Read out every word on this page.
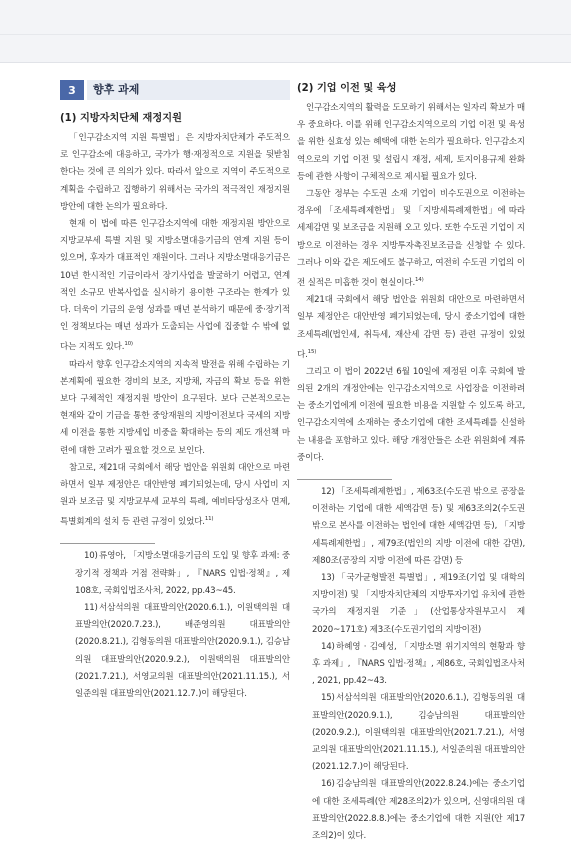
3	향후 과제
(1) 지방자치단체 재정지원

「인구감소지역 지원 특별법」은 지방자치단체가 주도적으로 인구감소에 대응하고, 국가가 행·재정적으로 지원을 뒷받침한다는 것에 큰 의의가 있다. 따라서 앞으로 지역이 주도적으로 계획을 수립하고 집행하기 위해서는 국가의 적극적인 재정지원 방안에 대한 논의가 필요하다.

현재 이 법에 따른 인구감소지역에 대한 재정지원 방안으로 지방교부세 특별 지원 및 지방소멸대응기금의 연계 지원 등이 있으며, 후자가 대표적인 재원이다. 그러나 지방소멸대응기금은 10년 한시적인 기금이라서 장기사업을 발굴하기 어렵고, 연계적인 소규모 반복사업을 실시하기 용이한 구조라는 한계가 있다. 더욱이 기금의 운영 성과를 매년 분석하기 때문에 중·장기적인 정책보다는 매년 성과가 도출되는 사업에 집중할 수 밖에 없다는 지적도 있다.$^{10)}$

따라서 향후 인구감소지역의 지속적 발전을 위해 수립하는 기본계획에 필요한 경비의 보조, 지방채, 자금의 확보 등을 위한 보다 구체적인 재정지원 방안이 요구된다. 보다 근본적으로는 현재와 같이 기금을 통한 중앙재원의 지방이전보다 국세의 지방세 이전을 통한 지방세입 비중을 확대하는 등의 제도 개선책 마련에 대한 고려가 필요할 것으로 보인다.

참고로, 제21대 국회에서 해당 법안을 위원회 대안으로 마련하면서 일부 제정안은 대안반영 폐기되었는데, 당시 사업비 지원과 보조금 및 지방교부세 교부의 특례, 예비타당성조사 면제, 특별회계의 설치 등 관련 규정이 있었다.$^{11)}$

10)류영아, 「지방소멸대응기금의 도입 및 향후 과제: 중장기적 정책과 거점 전략화」, 『NARS 입법·정책』, 제108호, 국회입법조사처, 2022, pp.43~45.

11)서삼석의원 대표발의안(2020.6.1.), 이원택의원 대표발의안(2020.7.23.), 배준영의원 대표발의안(2020.8.21.), 김형동의원 대표발의안(2020.9.1.), 김승남의원 대표발의안(2020.9.2.), 이원택의원 대표발의안(2021.7.21.), 서영교의원 대표발의안(2021.11.15.), 서일준의원 대표발의안(2021.12.7.)이 해당된다.

(2) 기업 이전 및 육성

인구감소지역의 활력을 도모하기 위해서는 일자리 확보가 매우 중요하다. 이를 위해 인구감소지역으로의 기업 이전 및 육성을 위한 실효성 있는 혜택에 대한 논의가 필요하다. 인구감소지역으로의 기업 이전 및 설립시 재정, 세제, 토지이용규제 완화 등에 관한 사항이 구체적으로 제시될 필요가 있다.

그동안 정부는 수도권 소재 기업이 비수도권으로 이전하는 경우에 「조세특례제한법」 및 「지방세특례제한법」에 따라 세제감면 및 보조금을 지원해 오고 있다. 또한 수도권 기업이 지방으로 이전하는 경우 지방투자촉진보조금을 신청할 수 있다. 그러나 이와 같은 제도에도 불구하고, 여전히 수도권 기업의 이전 실적은 미흡한 것이 현실이다.$^{14)}$

제21대 국회에서 해당 법안을 위원회 대안으로 마련하면서 일부 제정안은 대안반영 폐기되었는데, 당시 중소기업에 대한 조세특례(법인세, 취득세, 재산세 감면 등) 관련 규정이 있었다.$^{15)}$

그리고 이 법이 2022년 6월 10일에 제정된 이후 국회에 발의된 2개의 개정안에는 인구감소지역으로 사업장을 이전하려는 중소기업에게 이전에 필요한 비용을 지원할 수 있도록 하고, 인구감소지역에 소재하는 중소기업에 대한 조세특례를 신설하는 내용을 포함하고 있다. 해당 개정안들은 소관 위원회에 계류 중이다.

12)「조세특례제한법」, 제63조(수도권 밖으로 공장을 이전하는 기업에 대한 세액감면 등) 및 제63조의2(수도권 밖으로 본사를 이전하는 법인에 대한 세액감면 등), 「지방세특례제한법」, 제79조(법인의 지방 이전에 대한 감면), 제80조(공장의 지방 이전에 따른 감면) 등

13)「국가균형발전 특별법」, 제19조(기업 및 대학의 지방이전) 및 「지방자치단체의 지방투자기업 유치에 관한 국가의 재정지원 기준」(산업통상자원부고시 제2020~171호) 제3조(수도권기업의 지방이전)

14)하혜영 · 김예성, 「지방소멸 위기지역의 현황과 향후 과제」, 『NARS 입법·정책』, 제86호, 국회입법조사처 , 2021, pp.42~43.

15)서삼석의원 대표발의안(2020.6.1.), 김형동의원 대표발의안(2020.9.1.), 김승남의원 대표발의안(2020.9.2.), 이원택의원 대표발의안(2021.7.21.), 서영교의원 대표발의안(2021.11.15.), 서일준의원 대표발의안(2021.12.7.)이 해당된다.

16)김승남의원 대표발의안(2022.8.24.)에는 중소기업에 대한 조세특례(안 제28조의2)가 있으며, 신영대의원 대표발의안(2022.8.8.)에는 중소기업에 대한 지원(안 제17조의2)이 있다.
